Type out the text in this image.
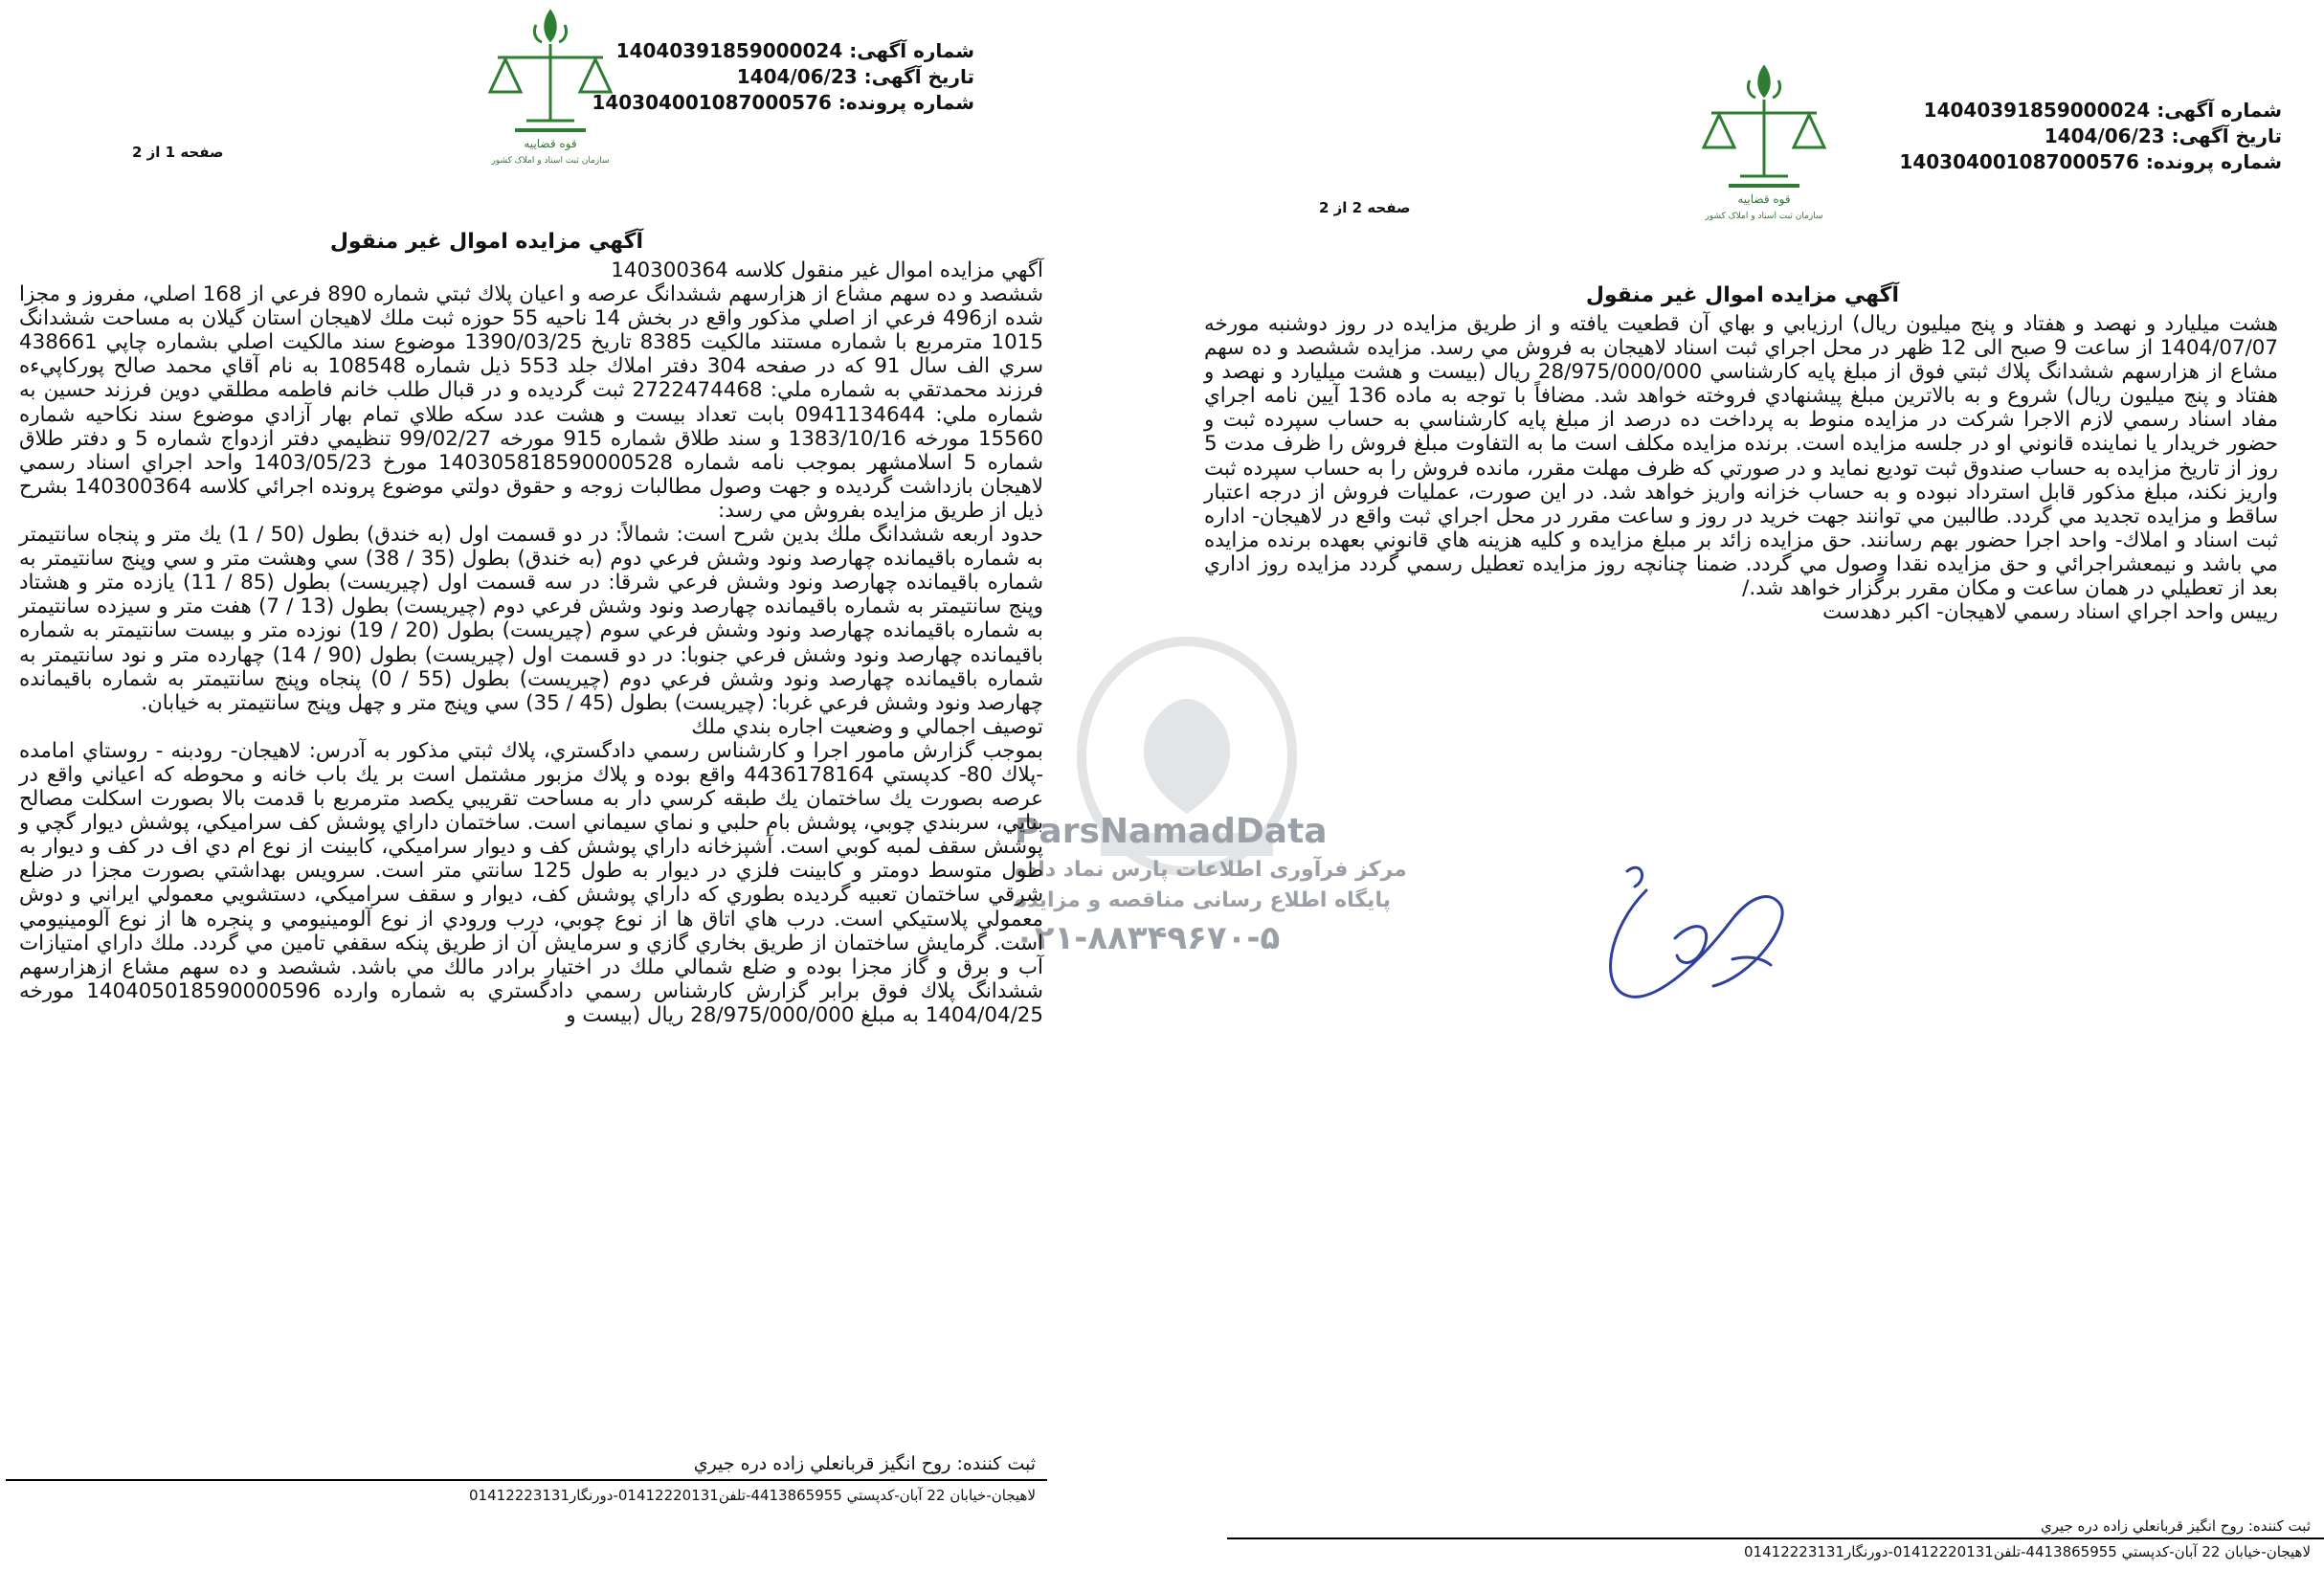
ParsNamadData
مرکز فرآوری اطلاعات پارس نماد داده
پایگاه اطلاع رسانی مناقصه و مزایده
۰۲۱-۸۸۳۴۹۶۷۰-۵
قوه قضاییه
سازمان ثبت اسناد و املاک کشور
شماره آگهی: 14040391859000024
تاریخ آگهی: 1404/06/23
شماره پرونده: 140304001087000576
صفحه 1 از 2
آگهي مزايده اموال غير منقول

آگهي مزايده اموال غير منقول كلاسه 140300364

ششصد و ده سهم مشاع از هزارسهم ششدانگ عرصه و اعيان پلاك ثبتي شماره 890 فرعي از 168 اصلي، مفروز و مجزا شده از496 فرعي از اصلي مذكور واقع در بخش 14 ناحيه 55 حوزه ثبت ملك لاهيجان استان گيلان به مساحت ششدانگ 1015 مترمربع با شماره مستند مالكيت 8385 تاريخ 1390/03/25 موضوع سند مالكيت اصلي بشماره چاپي 438661 سري الف سال 91 كه در صفحه 304 دفتر املاك جلد 553 ذيل شماره 108548 به نام آقاي محمد صالح پوركاپيءه فرزند محمدتقي به شماره ملي: 2722474468 ثبت گرديده و در قبال طلب خانم فاطمه مطلقي دوين فرزند حسين به شماره ملي: 0941134644 بابت تعداد بيست و هشت عدد سكه طلاي تمام بهار آزادي موضوع سند نكاحيه شماره 15560 مورخه 1383/10/16 و سند طلاق شماره 915 مورخه 99/02/27 تنظيمي دفتر ازدواج شماره 5 و دفتر طلاق شماره 5 اسلامشهر بموجب نامه شماره 140305818590000528 مورخ 1403/05/23 واحد اجراي اسناد رسمي لاهيجان بازداشت گرديده و جهت وصول مطالبات زوجه و حقوق دولتي موضوع پرونده اجرائي كلاسه 140300364 بشرح ذيل از طريق مزايده بفروش مي رسد:

حدود اربعه ششدانگ ملك بدين شرح است: شمالاً: در دو قسمت اول (به خندق) بطول (50 / 1) يك متر و پنجاه سانتيمتر به شماره باقيمانده چهارصد ونود وشش فرعي دوم (به خندق) بطول (35 / 38) سي وهشت متر و سي وپنج سانتيمتر به شماره باقيمانده چهارصد ونود وشش فرعي شرقا: در سه قسمت اول (چيريست) بطول (85 / 11) يازده متر و هشتاد وپنج سانتيمتر به شماره باقيمانده چهارصد ونود وشش فرعي دوم (چيريست) بطول (13 / 7) هفت متر و سيزده سانتيمتر به شماره باقيمانده چهارصد ونود وشش فرعي سوم (چيريست) بطول (20 / 19) نوزده متر و بيست سانتيمتر به شماره باقيمانده چهارصد ونود وشش فرعي جنوبا: در دو قسمت اول (چيريست) بطول (90 / 14) چهارده متر و نود سانتيمتر به شماره باقيمانده چهارصد ونود وشش فرعي دوم (چيريست) بطول (55 / 0) پنجاه وپنج سانتيمتر به شماره باقيمانده چهارصد ونود وشش فرعي غربا: (چيريست) بطول (45 / 35) سي وپنج متر و چهل وپنج سانتيمتر به خيابان.

توصيف اجمالي و وضعيت اجاره بندي ملك

بموجب گزارش مامور اجرا و كارشناس رسمي دادگستري، پلاك ثبتي مذكور به آدرس: لاهيجان- رودبنه - روستاي امامده -پلاك 80- كدپستي 4436178164 واقع بوده و پلاك مزبور مشتمل است بر يك باب خانه و محوطه كه اعياني واقع در عرصه بصورت يك ساختمان يك طبقه كرسي دار به مساحت تقريبي يكصد مترمربع با قدمت بالا بصورت اسكلت مصالح بنايي، سربندي چوبي، پوشش بام حلبي و نماي سيماني است. ساختمان داراي پوشش كف سراميكي، پوشش ديوار گچي و پوشش سقف لمبه كوبي است. آشپزخانه داراي پوشش كف و ديوار سراميكي، كابينت از نوع ام دي اف در كف و ديوار به طول متوسط دومتر و كابينت فلزي در ديوار به طول 125 سانتي متر است. سرويس بهداشتي بصورت مجزا در ضلع شرقي ساختمان تعبيه گرديده بطوري كه داراي پوشش كف، ديوار و سقف سراميكي، دستشويي معمولي ايراني و دوش معمولي پلاستيكي است. درب هاي اتاق ها از نوع چوبي، درب ورودي از نوع آلومينيومي و پنجره ها از نوع آلومينيومي است. گرمايش ساختمان از طريق بخاري گازي و سرمايش آن از طريق پنكه سقفي تامين مي گردد. ملك داراي امتيازات آب و برق و گاز مجزا بوده و ضلع شمالي ملك در اختيار برادر مالك مي باشد. ششصد و ده سهم مشاع ازهزارسهم ششدانگ پلاك فوق برابر گزارش كارشناس رسمي دادگستري به شماره وارده 140405018590000596 مورخه 1404/04/25 به مبلغ 28/975/000/000 ريال (بيست و

ثبت كننده: روح انگیز قربانعلي زاده دره جيري
لاهيجان-خيابان 22 آبان-كدپستي 4413865955-تلفن01412220131-دورنگار01412223131
قوه قضاییه
سازمان ثبت اسناد و املاک کشور
شماره آگهی: 14040391859000024
تاریخ آگهی: 1404/06/23
شماره پرونده: 140304001087000576
صفحه 2 از 2
آگهي مزايده اموال غير منقول

هشت ميليارد و نهصد و هفتاد و پنج ميليون ريال) ارزيابي و بهاي آن قطعيت يافته و از طريق مزايده در روز دوشنبه مورخه 1404/07/07 از ساعت 9 صبح الی 12 ظهر در محل اجراي ثبت اسناد لاهيجان به فروش مي رسد. مزايده ششصد و ده سهم مشاع از هزارسهم ششدانگ پلاك ثبتي فوق از مبلغ پايه كارشناسي 28/975/000/000 ريال (بيست و هشت ميليارد و نهصد و هفتاد و پنج ميليون ريال) شروع و به بالاترين مبلغ پيشنهادي فروخته خواهد شد. مضافاً با توجه به ماده 136 آيين نامه اجراي مفاد اسناد رسمي لازم الاجرا شركت در مزايده منوط به پرداخت ده درصد از مبلغ پايه كارشناسي به حساب سپرده ثبت و حضور خريدار يا نماينده قانوني او در جلسه مزايده است. برنده مزايده مكلف است ما به التفاوت مبلغ فروش را ظرف مدت 5 روز از تاريخ مزايده به حساب صندوق ثبت توديع نمايد و در صورتي كه ظرف مهلت مقرر، مانده فروش را به حساب سپرده ثبت واريز نكند، مبلغ مذكور قابل استرداد نبوده و به حساب خزانه واريز خواهد شد. در اين صورت، عمليات فروش از درجه اعتبار ساقط و مزايده تجديد مي گردد. طالبين مي توانند جهت خريد در روز و ساعت مقرر در محل اجراي ثبت واقع در لاهيجان- اداره ثبت اسناد و املاك- واحد اجرا حضور بهم رسانند. حق مزايده زائد بر مبلغ مزايده و كليه هزينه هاي قانوني بعهده برنده مزايده مي باشد و نيمعشراجرائي و حق مزايده نقدا وصول مي گردد. ضمنا چنانچه روز مزايده تعطيل رسمي گردد مزايده روز اداري بعد از تعطيلي در همان ساعت و مكان مقرر برگزار خواهد شد./

رييس واحد اجراي اسناد رسمي لاهيجان- اكبر دهدست

ثبت كننده: روح انگیز قربانعلي زاده دره جيري
لاهيجان-خيابان 22 آبان-كدپستي 4413865955-تلفن01412220131-دورنگار01412223131
